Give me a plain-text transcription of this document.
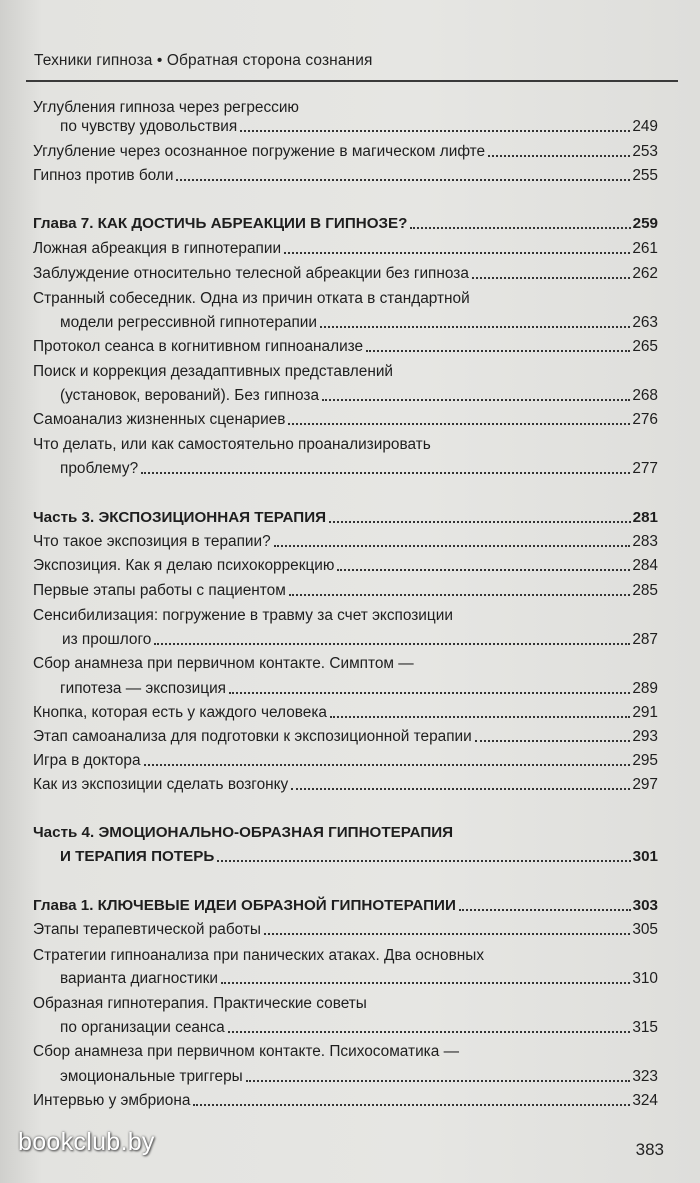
Техники гипноза • Обратная сторона сознания
Углубления гипноза через регрессию
по чувству удовольствия	249
Углубление через осознанное погружение в магическом лифте	253
Гипноз против боли	255
Глава 7. КАК ДОСТИЧЬ АБРЕАКЦИИ В ГИПНОЗЕ?	259
Ложная абреакция в гипнотерапии	261
Заблуждение относительно телесной абреакции без гипноза	262
Странный собеседник. Одна из причин отката в стандартной
модели регрессивной гипнотерапии	263
Протокол сеанса в когнитивном гипноанализе	265
Поиск и коррекция дезадаптивных представлений
(установок, верований). Без гипноза	268
Самоанализ жизненных сценариев	276
Что делать, или как самостоятельно проанализировать
проблему?	277
Часть 3. ЭКСПОЗИЦИОННАЯ ТЕРАПИЯ	281
Что такое экспозиция в терапии?	283
Экспозиция. Как я делаю психокоррекцию	284
Первые этапы работы с пациентом	285
Сенсибилизация: погружение в травму за счет экспозиции
из прошлого	287
Сбор анамнеза при первичном контакте. Симптом —
гипотеза — экспозиция	289
Кнопка, которая есть у каждого человека	291
Этап самоанализа для подготовки к экспозиционной терапии	293
Игра в доктора	295
Как из экспозиции сделать возгонку	297
Часть 4. ЭМОЦИОНАЛЬНО-ОБРАЗНАЯ ГИПНОТЕРАПИЯ
И ТЕРАПИЯ ПОТЕРЬ	301
Глава 1. КЛЮЧЕВЫЕ ИДЕИ ОБРАЗНОЙ ГИПНОТЕРАПИИ	303
Этапы терапевтической работы	305
Стратегии гипноанализа при панических атаках. Два основных
варианта диагностики	310
Образная гипнотерапия. Практические советы
по организации сеанса	315
Сбор анамнеза при первичном контакте. Психосоматика —
эмоциональные триггеры	323
Интервью у эмбриона	324
bookclub.by	383
